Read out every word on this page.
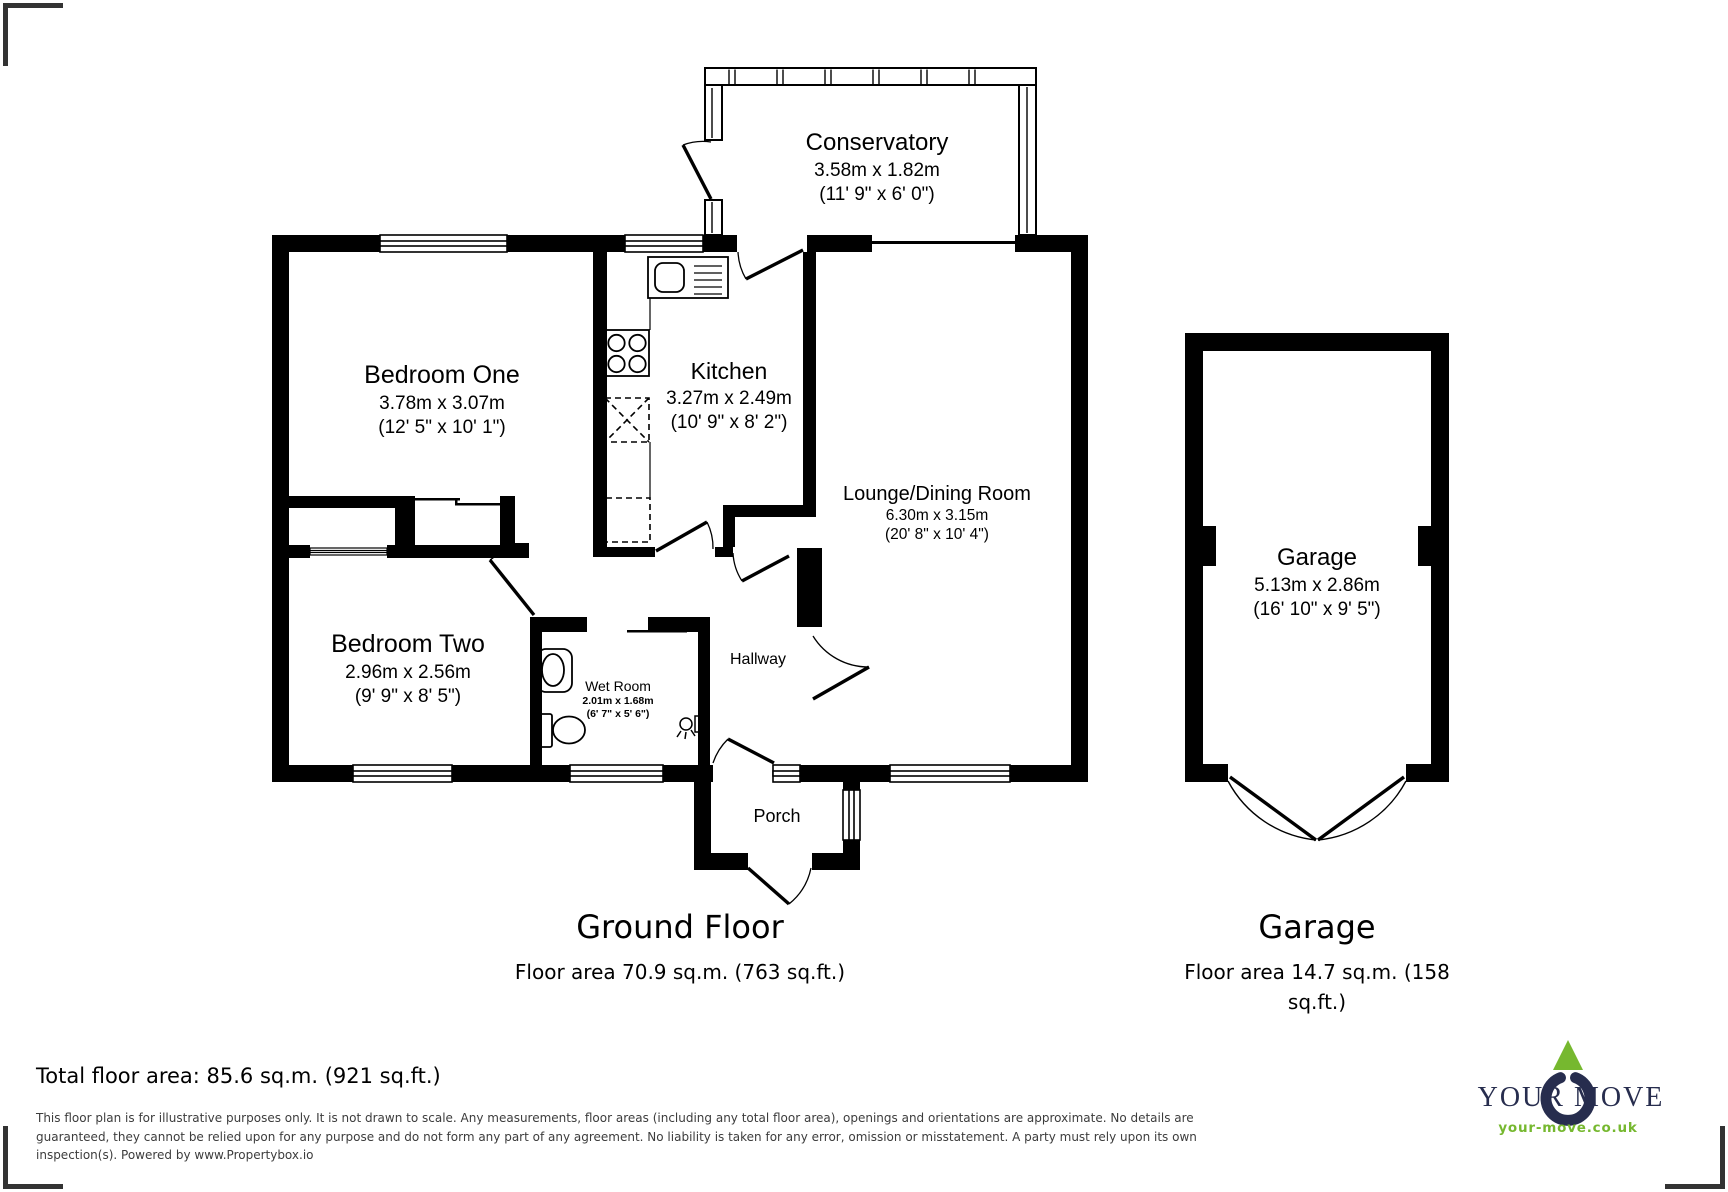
Conservatory
3.58m x 1.82m
(11' 9" x 6' 0")
Bedroom One
3.78m x 3.07m
(12' 5" x 10' 1")
Kitchen
3.27m x 2.49m
(10' 9" x 8' 2")
Lounge/Dining Room
6.30m x 3.15m
(20' 8" x 10' 4")
Bedroom Two
2.96m x 2.56m
(9' 9" x 8' 5")	Wet Room
2.01m x 1.68m
(6' 7" x 5' 6")
Hallway
Porch
Garage
5.13m x 2.86m
(16' 10" x 9' 5")
Ground Floor
Floor area 70.9 sq.m. (763 sq.ft.)
Garage
Floor area 14.7 sq.m. (158 sq.ft.)
Total floor area: 85.6 sq.m. (921 sq.ft.)
This floor plan is for illustrative purposes only. It is not drawn to scale. Any measurements, floor areas (including any total floor area), openings and orientations are approximate. No details are
guaranteed, they cannot be relied upon for any purpose and do not form any part of any agreement. No liability is taken for any error, omission or misstatement. A party must rely upon its own
inspection(s). Powered by www.Propertybox.io
YOUR MOVE
your-move.co.uk
